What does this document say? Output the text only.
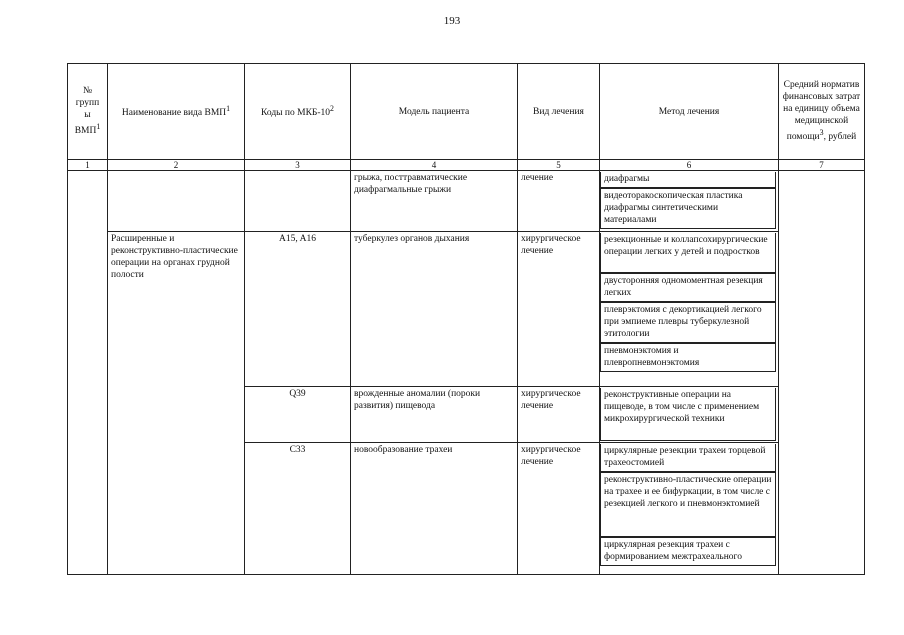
193
№
групп
ы
ВМП$^1$	Наименование вида ВМП$^1$	Коды по МКБ-$10^2$	Модель пациента	Вид лечения	Метод лечения	Средний норматив финансовых затрат на единицу объема медицинской помощи$^3$, рублей
1	2	3	4	5	6	7
			грыжа, посттравматические диафрагмальные грыжи	лечение	диафрагмы
видеоторакоскопическая пластика диафрагмы синтетическими материалами	

	Расширенные и реконструктивно-пластические операции на органах грудной полости	A15, A16	туберкулез органов дыхания	хирургическое лечение	резекционные и коллапсохирургические операции легких у детей и подростков
двусторонняя одномоментная резекция легких
плеврэктомия с декортикацией легкого при эмпиеме плевры туберкулезной этитологии
пневмонэктомия и плевропневмонэктомия	

		Q39	врожденные аномалии (пороки развития) пищевода	хирургическое лечение	реконструктивные операции на пищеводе, в том числе с применением микрохирургической техники	

		C33	новообразование трахеи	хирургическое лечение	циркулярные резекции трахеи торцевой трахеостомией
реконструктивно-пластические операции на трахее и ее бифуркации, в том числе с резекцией легкого и пневмонэктомией
циркулярная резекция трахеи с формированием межтрахеального	
